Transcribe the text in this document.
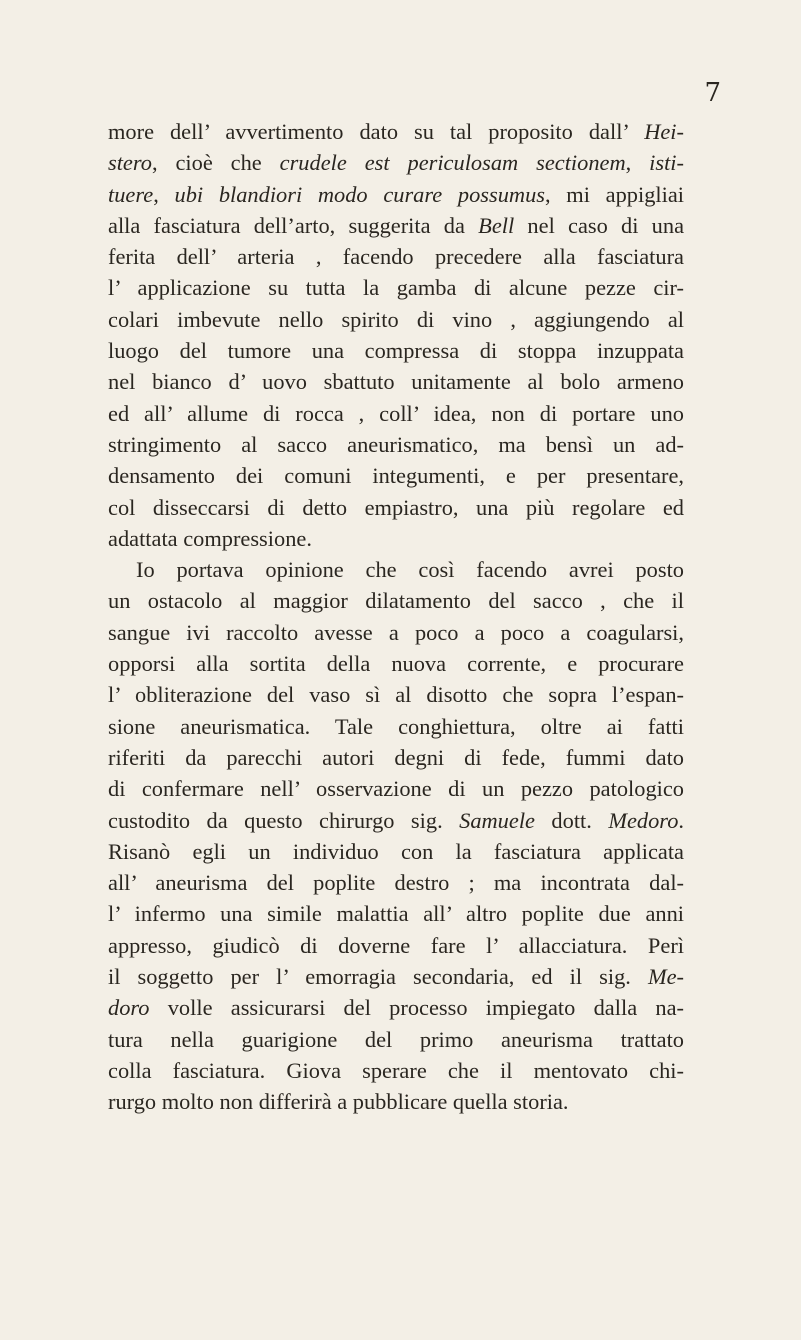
7
more dell’ avvertimento dato su tal proposito dall’ Hei-
stero, cioè che crudele est periculosam sectionem, isti-
tuere, ubi blandiori modo curare possumus, mi appigliai
alla fasciatura dell’arto, suggerita da Bell nel caso di una
ferita dell’ arteria , facendo precedere alla fasciatura
l’ applicazione su tutta la gamba di alcune pezze cir-
colari imbevute nello spirito di vino , aggiungendo al
luogo del tumore una compressa di stoppa inzuppata
nel bianco d’ uovo sbattuto unitamente al bolo armeno
ed all’ allume di rocca , coll’ idea, non di portare uno
stringimento al sacco aneurismatico, ma bensì un ad-
densamento dei comuni integumenti, e per presentare,
col disseccarsi di detto empiastro, una più regolare ed
adattata compressione.
Io portava opinione che così facendo avrei posto
un ostacolo al maggior dilatamento del sacco , che il
sangue ivi raccolto avesse a poco a poco a coagularsi,
opporsi alla sortita della nuova corrente, e procurare
l’ obliterazione del vaso sì al disotto che sopra l’espan-
sione aneurismatica. Tale conghiettura, oltre ai fatti
riferiti da parecchi autori degni di fede, fummi dato
di confermare nell’ osservazione di un pezzo patologico
custodito da questo chirurgo sig. Samuele dott. Medoro.
Risanò egli un individuo con la fasciatura applicata
all’ aneurisma del poplite destro ; ma incontrata dal-
l’ infermo una simile malattia all’ altro poplite due anni
appresso, giudicò di doverne fare l’ allacciatura. Perì
il soggetto per l’ emorragia secondaria, ed il sig. Me-
doro volle assicurarsi del processo impiegato dalla na-
tura nella guarigione del primo aneurisma trattato
colla fasciatura. Giova sperare che il mentovato chi-
rurgo molto non differirà a pubblicare quella storia.
